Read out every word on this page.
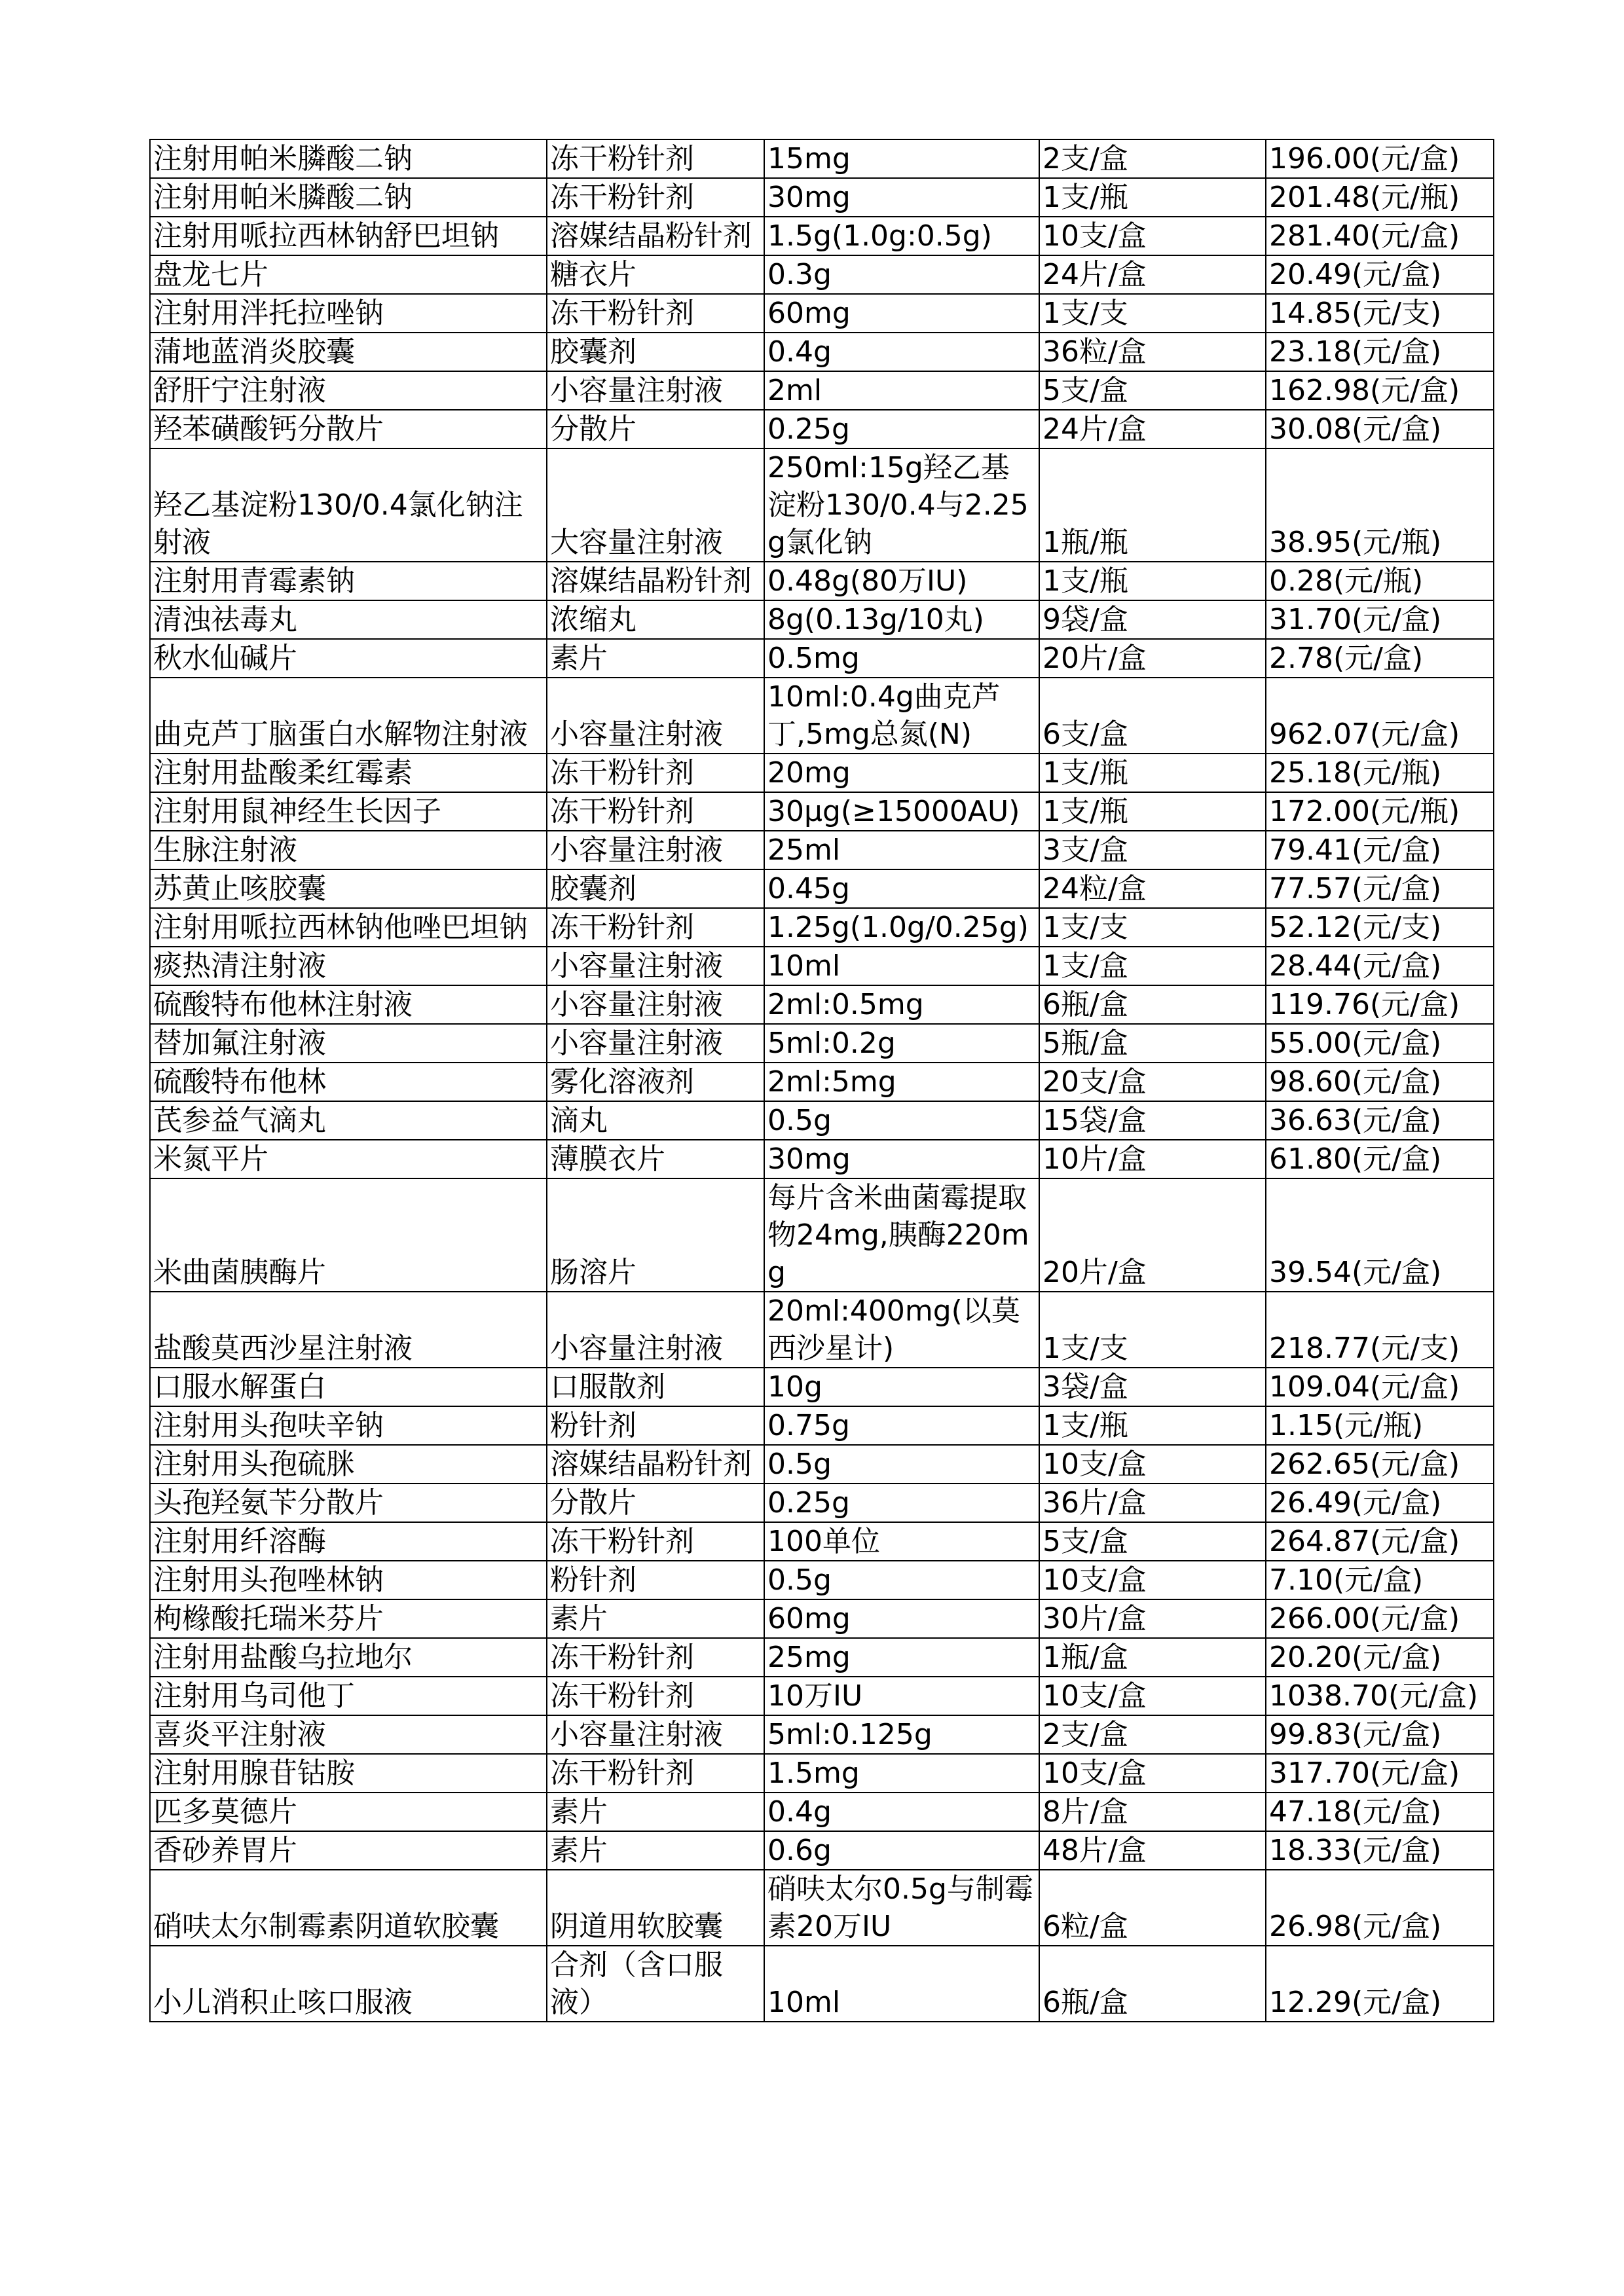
注射用帕米膦酸二钠	冻干粉针剂	15mg	2支/盒	196.00(元/盒)
注射用帕米膦酸二钠	冻干粉针剂	30mg	1支/瓶	201.48(元/瓶)
注射用哌拉西林钠舒巴坦钠	溶媒结晶粉针剂	1.5g(1.0g:0.5g)	10支/盒	281.40(元/盒)
盘龙七片	糖衣片	0.3g	24片/盒	20.49(元/盒)
注射用泮托拉唑钠	冻干粉针剂	60mg	1支/支	14.85(元/支)
蒲地蓝消炎胶囊	胶囊剂	0.4g	36粒/盒	23.18(元/盒)
舒肝宁注射液	小容量注射液	2ml	5支/盒	162.98(元/盒)
羟苯磺酸钙分散片	分散片	0.25g	24片/盒	30.08(元/盒)
羟乙基淀粉130/0.4氯化钠注射液	大容量注射液	250ml:15g羟乙基淀粉130/0.4与2.25g氯化钠	1瓶/瓶	38.95(元/瓶)
注射用青霉素钠	溶媒结晶粉针剂	0.48g(80万IU)	1支/瓶	0.28(元/瓶)
清浊祛毒丸	浓缩丸	8g(0.13g/10丸)	9袋/盒	31.70(元/盒)
秋水仙碱片	素片	0.5mg	20片/盒	2.78(元/盒)
曲克芦丁脑蛋白水解物注射液	小容量注射液	10ml:0.4g曲克芦丁,5mg总氮(N)	6支/盒	962.07(元/盒)
注射用盐酸柔红霉素	冻干粉针剂	20mg	1支/瓶	25.18(元/瓶)
注射用鼠神经生长因子	冻干粉针剂	30μg(≥15000AU)	1支/瓶	172.00(元/瓶)
生脉注射液	小容量注射液	25ml	3支/盒	79.41(元/盒)
苏黄止咳胶囊	胶囊剂	0.45g	24粒/盒	77.57(元/盒)
注射用哌拉西林钠他唑巴坦钠	冻干粉针剂	1.25g(1.0g/0.25g)	1支/支	52.12(元/支)
痰热清注射液	小容量注射液	10ml	1支/盒	28.44(元/盒)
硫酸特布他林注射液	小容量注射液	2ml:0.5mg	6瓶/盒	119.76(元/盒)
替加氟注射液	小容量注射液	5ml:0.2g	5瓶/盒	55.00(元/盒)
硫酸特布他林	雾化溶液剂	2ml:5mg	20支/盒	98.60(元/盒)
芪参益气滴丸	滴丸	0.5g	15袋/盒	36.63(元/盒)
米氮平片	薄膜衣片	30mg	10片/盒	61.80(元/盒)
米曲菌胰酶片	肠溶片	每片含米曲菌霉提取物24mg,胰酶220mg	20片/盒	39.54(元/盒)
盐酸莫西沙星注射液	小容量注射液	20ml:400mg(以莫西沙星计)	1支/支	218.77(元/支)
口服水解蛋白	口服散剂	10g	3袋/盒	109.04(元/盒)
注射用头孢呋辛钠	粉针剂	0.75g	1支/瓶	1.15(元/瓶)
注射用头孢硫脒	溶媒结晶粉针剂	0.5g	10支/盒	262.65(元/盒)
头孢羟氨苄分散片	分散片	0.25g	36片/盒	26.49(元/盒)
注射用纤溶酶	冻干粉针剂	100单位	5支/盒	264.87(元/盒)
注射用头孢唑林钠	粉针剂	0.5g	10支/盒	7.10(元/盒)
枸橼酸托瑞米芬片	素片	60mg	30片/盒	266.00(元/盒)
注射用盐酸乌拉地尔	冻干粉针剂	25mg	1瓶/盒	20.20(元/盒)
注射用乌司他丁	冻干粉针剂	10万IU	10支/盒	1038.70(元/盒)
喜炎平注射液	小容量注射液	5ml:0.125g	2支/盒	99.83(元/盒)
注射用腺苷钴胺	冻干粉针剂	1.5mg	10支/盒	317.70(元/盒)
匹多莫德片	素片	0.4g	8片/盒	47.18(元/盒)
香砂养胃片	素片	0.6g	48片/盒	18.33(元/盒)
硝呋太尔制霉素阴道软胶囊	阴道用软胶囊	硝呋太尔0.5g与制霉素20万IU	6粒/盒	26.98(元/盒)
小儿消积止咳口服液	合剂（含口服液）	10ml	6瓶/盒	12.29(元/盒)
